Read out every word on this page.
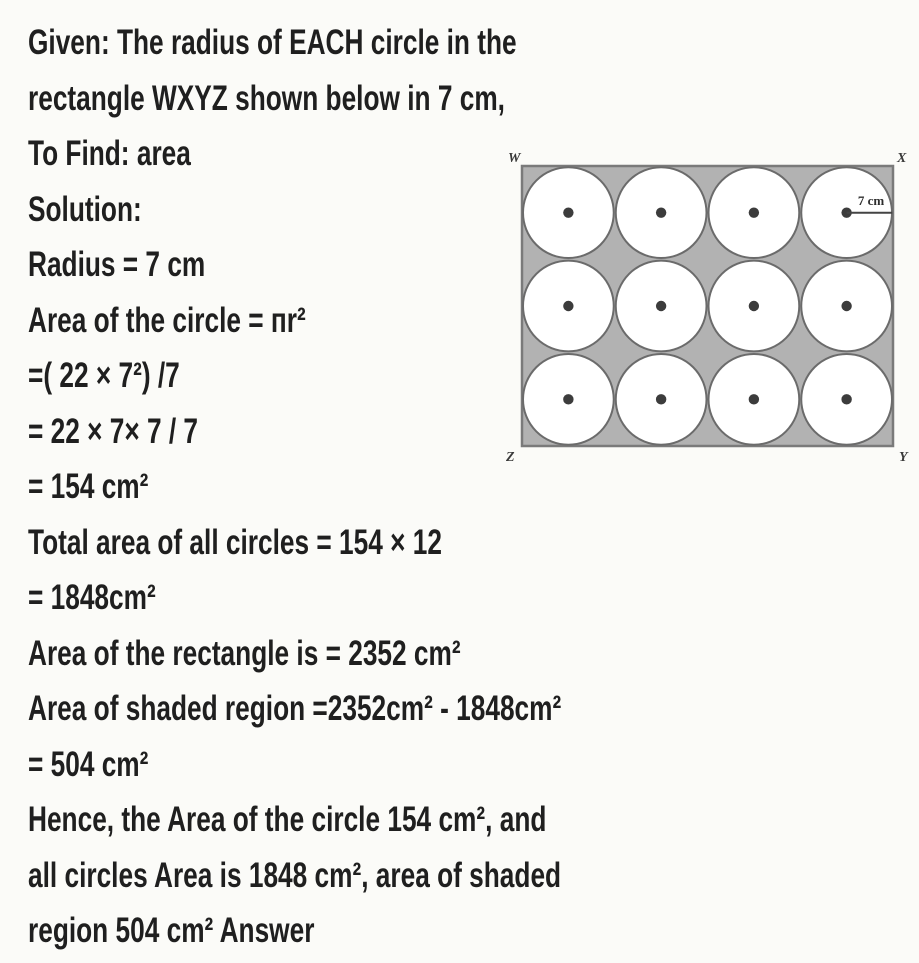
Given: The radius of EACH circle in the
rectangle WXYZ shown below in 7 cm,
To Find: area
Solution:
Radius = 7 cm
Area of the circle = пr²
=( 22 × 7²) /7
= 22 × 7× 7 / 7
= 154 cm²
Total area of all circles = 154 × 12
= 1848cm²
Area of the rectangle is = 2352 cm²
Area of shaded region =2352cm² - 1848cm²
= 504 cm²
Hence, the Area of the circle 154 cm², and
all circles Area is 1848 cm², area of shaded
region 504 cm² Answer
7 cm
W	X
Z	Y
